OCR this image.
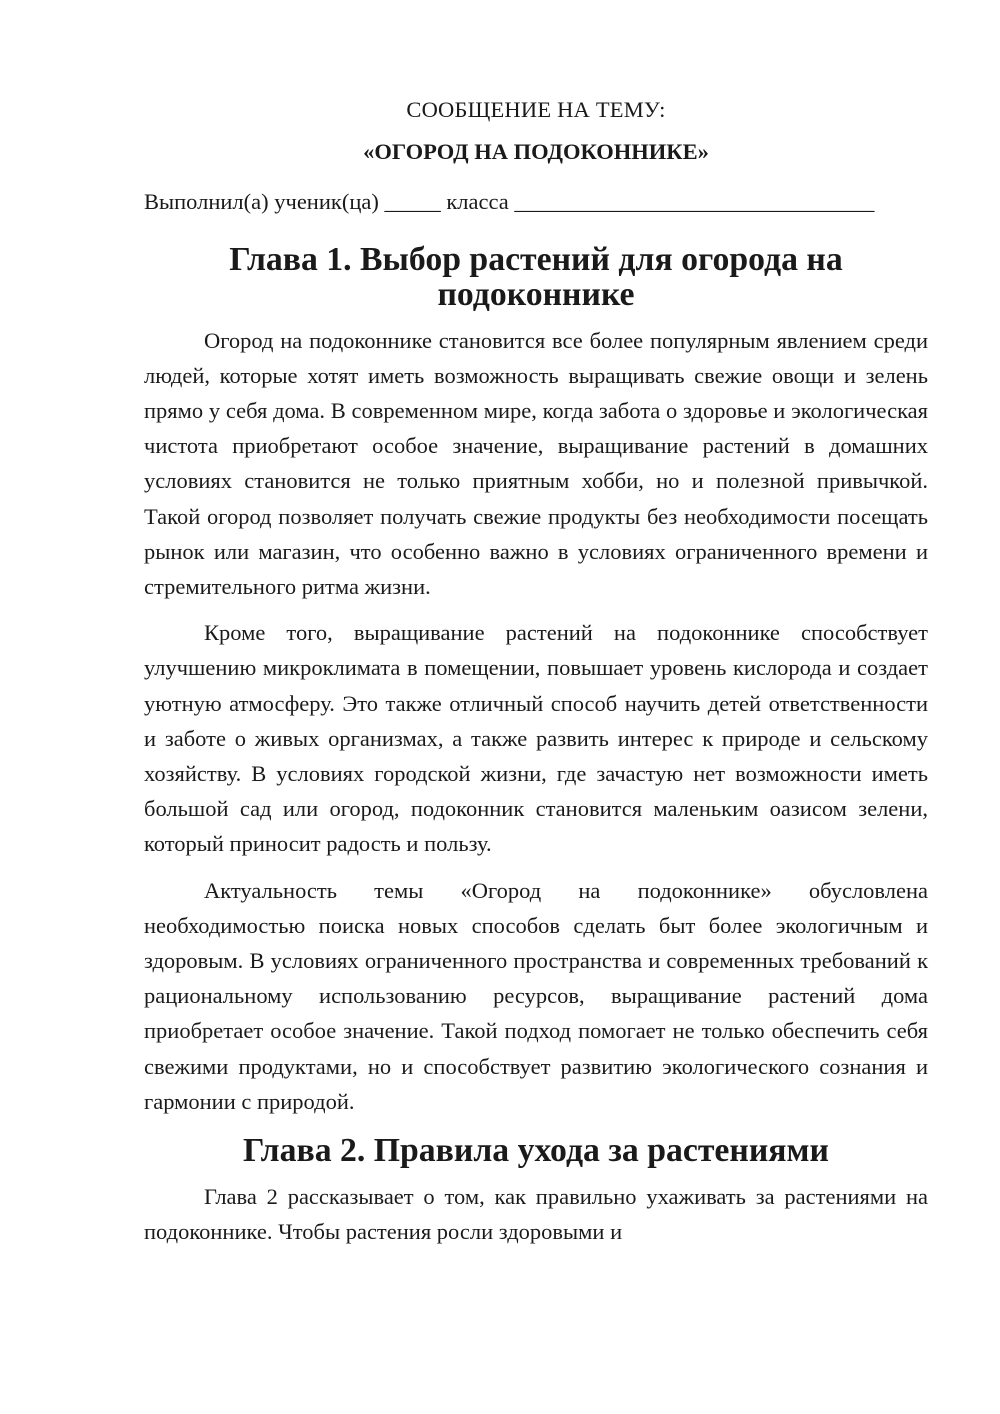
СООБЩЕНИЕ НА ТЕМУ:

«ОГОРОД НА ПОДОКОННИКЕ»

Выполнил(а) ученик(ца) _____ класса ________________________________

Глава 1. Выбор растений для огорода на подоконнике

Огород на подоконнике становится все более популярным явлением среди людей, которые хотят иметь возможность выращивать свежие овощи и зелень прямо у себя дома. В современном мире, когда забота о здоровье и экологическая чистота приобретают особое значение, выращивание растений в домашних условиях становится не только приятным хобби, но и полезной привычкой. Такой огород позволяет получать свежие продукты без необходимости посещать рынок или магазин, что особенно важно в условиях ограниченного времени и стремительного ритма жизни.

Кроме того, выращивание растений на подоконнике способствует улучшению микроклимата в помещении, повышает уровень кислорода и создает уютную атмосферу. Это также отличный способ научить детей ответственности и заботе о живых организмах, а также развить интерес к природе и сельскому хозяйству. В условиях городской жизни, где зачастую нет возможности иметь большой сад или огород, подоконник становится маленьким оазисом зелени, который приносит радость и пользу.

Актуальность темы «Огород на подоконнике» обусловлена необходимостью поиска новых способов сделать быт более экологичным и здоровым. В условиях ограниченного пространства и современных требований к рациональному использованию ресурсов, выращивание растений дома приобретает особое значение. Такой подход помогает не только обеспечить себя свежими продуктами, но и способствует развитию экологического сознания и гармонии с природой.

Глава 2. Правила ухода за растениями

Глава 2 рассказывает о том, как правильно ухаживать за растениями на подоконнике. Чтобы растения росли здоровыми и
